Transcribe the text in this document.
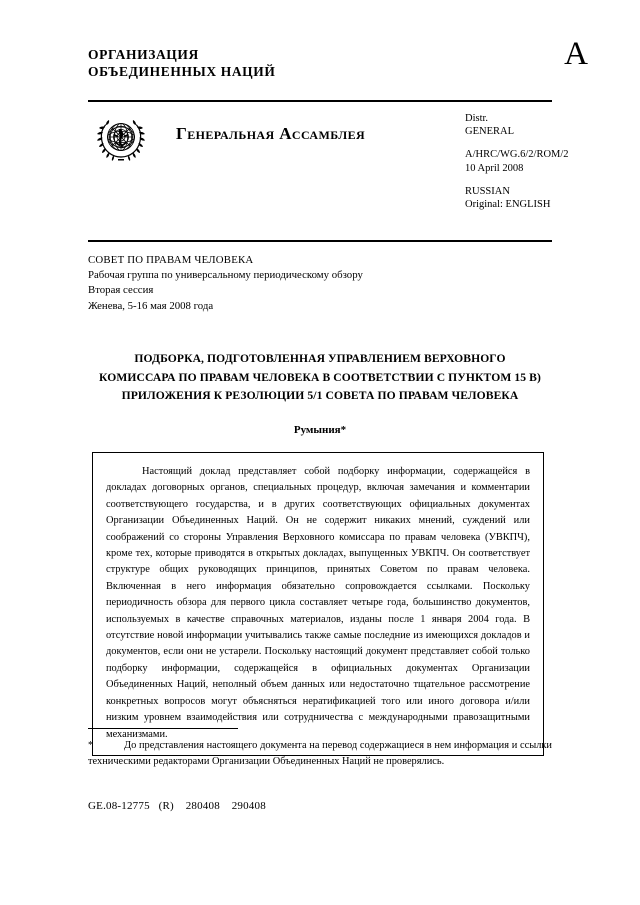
ОРГАНИЗАЦИЯ
ОБЪЕДИНЕННЫХ НАЦИЙ	A
Генеральная Ассамблея
Distr.
GENERAL
A/HRC/WG.6/2/ROM/2
10 April 2008
RUSSIAN
Original: ENGLISH
СОВЕТ ПО ПРАВАМ ЧЕЛОВЕКА
Рабочая группа по универсальному периодическому обзору
Вторая сессия
Женева, 5-16 мая 2008 года
ПОДБОРКА, ПОДГОТОВЛЕННАЯ УПРАВЛЕНИЕМ ВЕРХОВНОГО
КОМИССАРА ПО ПРАВАМ ЧЕЛОВЕКА В СООТВЕТСТВИИ С ПУНКТОМ 15 В)
ПРИЛОЖЕНИЯ К РЕЗОЛЮЦИИ 5/1 СОВЕТА ПО ПРАВАМ ЧЕЛОВЕКА
Румыния*

Настоящий доклад представляет собой подборку информации, содержащейся в докладах договорных органов, специальных процедур, включая замечания и комментарии соответствующего государства, и в других соответствующих официальных документах Организации Объединенных Наций. Он не содержит никаких мнений, суждений или соображений со стороны Управления Верховного комиссара по правам человека (УВКПЧ), кроме тех, которые приводятся в открытых докладах, выпущенных УВКПЧ. Он соответствует структуре общих руководящих принципов, принятых Советом по правам человека. Включенная в него информация обязательно сопровождается ссылками. Поскольку периодичность обзора для первого цикла составляет четыре года, большинство документов, используемых в качестве справочных материалов, изданы после 1 января 2004 года. В отсутствие новой информации учитывались также самые последние из имеющихся докладов и документов, если они не устарели. Поскольку настоящий документ представляет собой только подборку информации, содержащейся в официальных документах Организации Объединенных Наций, неполный объем данных или недостаточно тщательное рассмотрение конкретных вопросов могут объясняться нератификацией того или иного договора и/или низким уровнем взаимодействия или сотрудничества с международными правозащитными механизмами.

*	До представления настоящего документа на перевод содержащиеся в нем информация и ссылки техническими редакторами Организации Объединенных Наций не проверялись.
GE.08-12775   (R)    280408    290408
